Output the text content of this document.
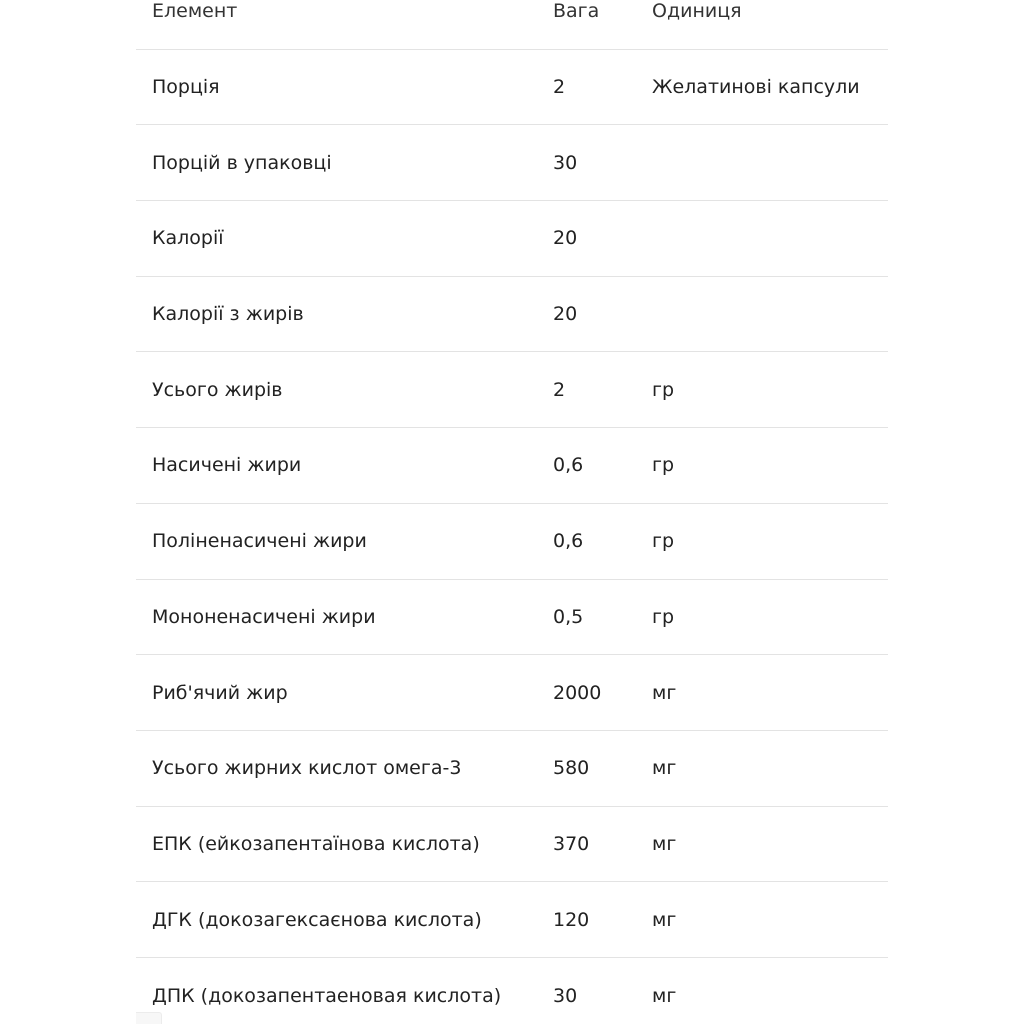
Елемент	Вага	Одиниця
Порція	2	Желатинові капсули
Порцій в упаковці	30
Калорії	20
Калорії з жирів	20
Усього жирів	2	гр
Насичені жири	0,6	гр
Поліненасичені жири	0,6	гр
Мононенасичені жири	0,5	гр
Риб'ячий жир	2000	мг
Усього жирних кислот омега-3	580	мг
ЕПК (ейкозапентаїнова кислота)	370	мг
ДГК (докозагексаєнова кислота)	120	мг
ДПК (докозапентаеновая кислота)	30	мг
